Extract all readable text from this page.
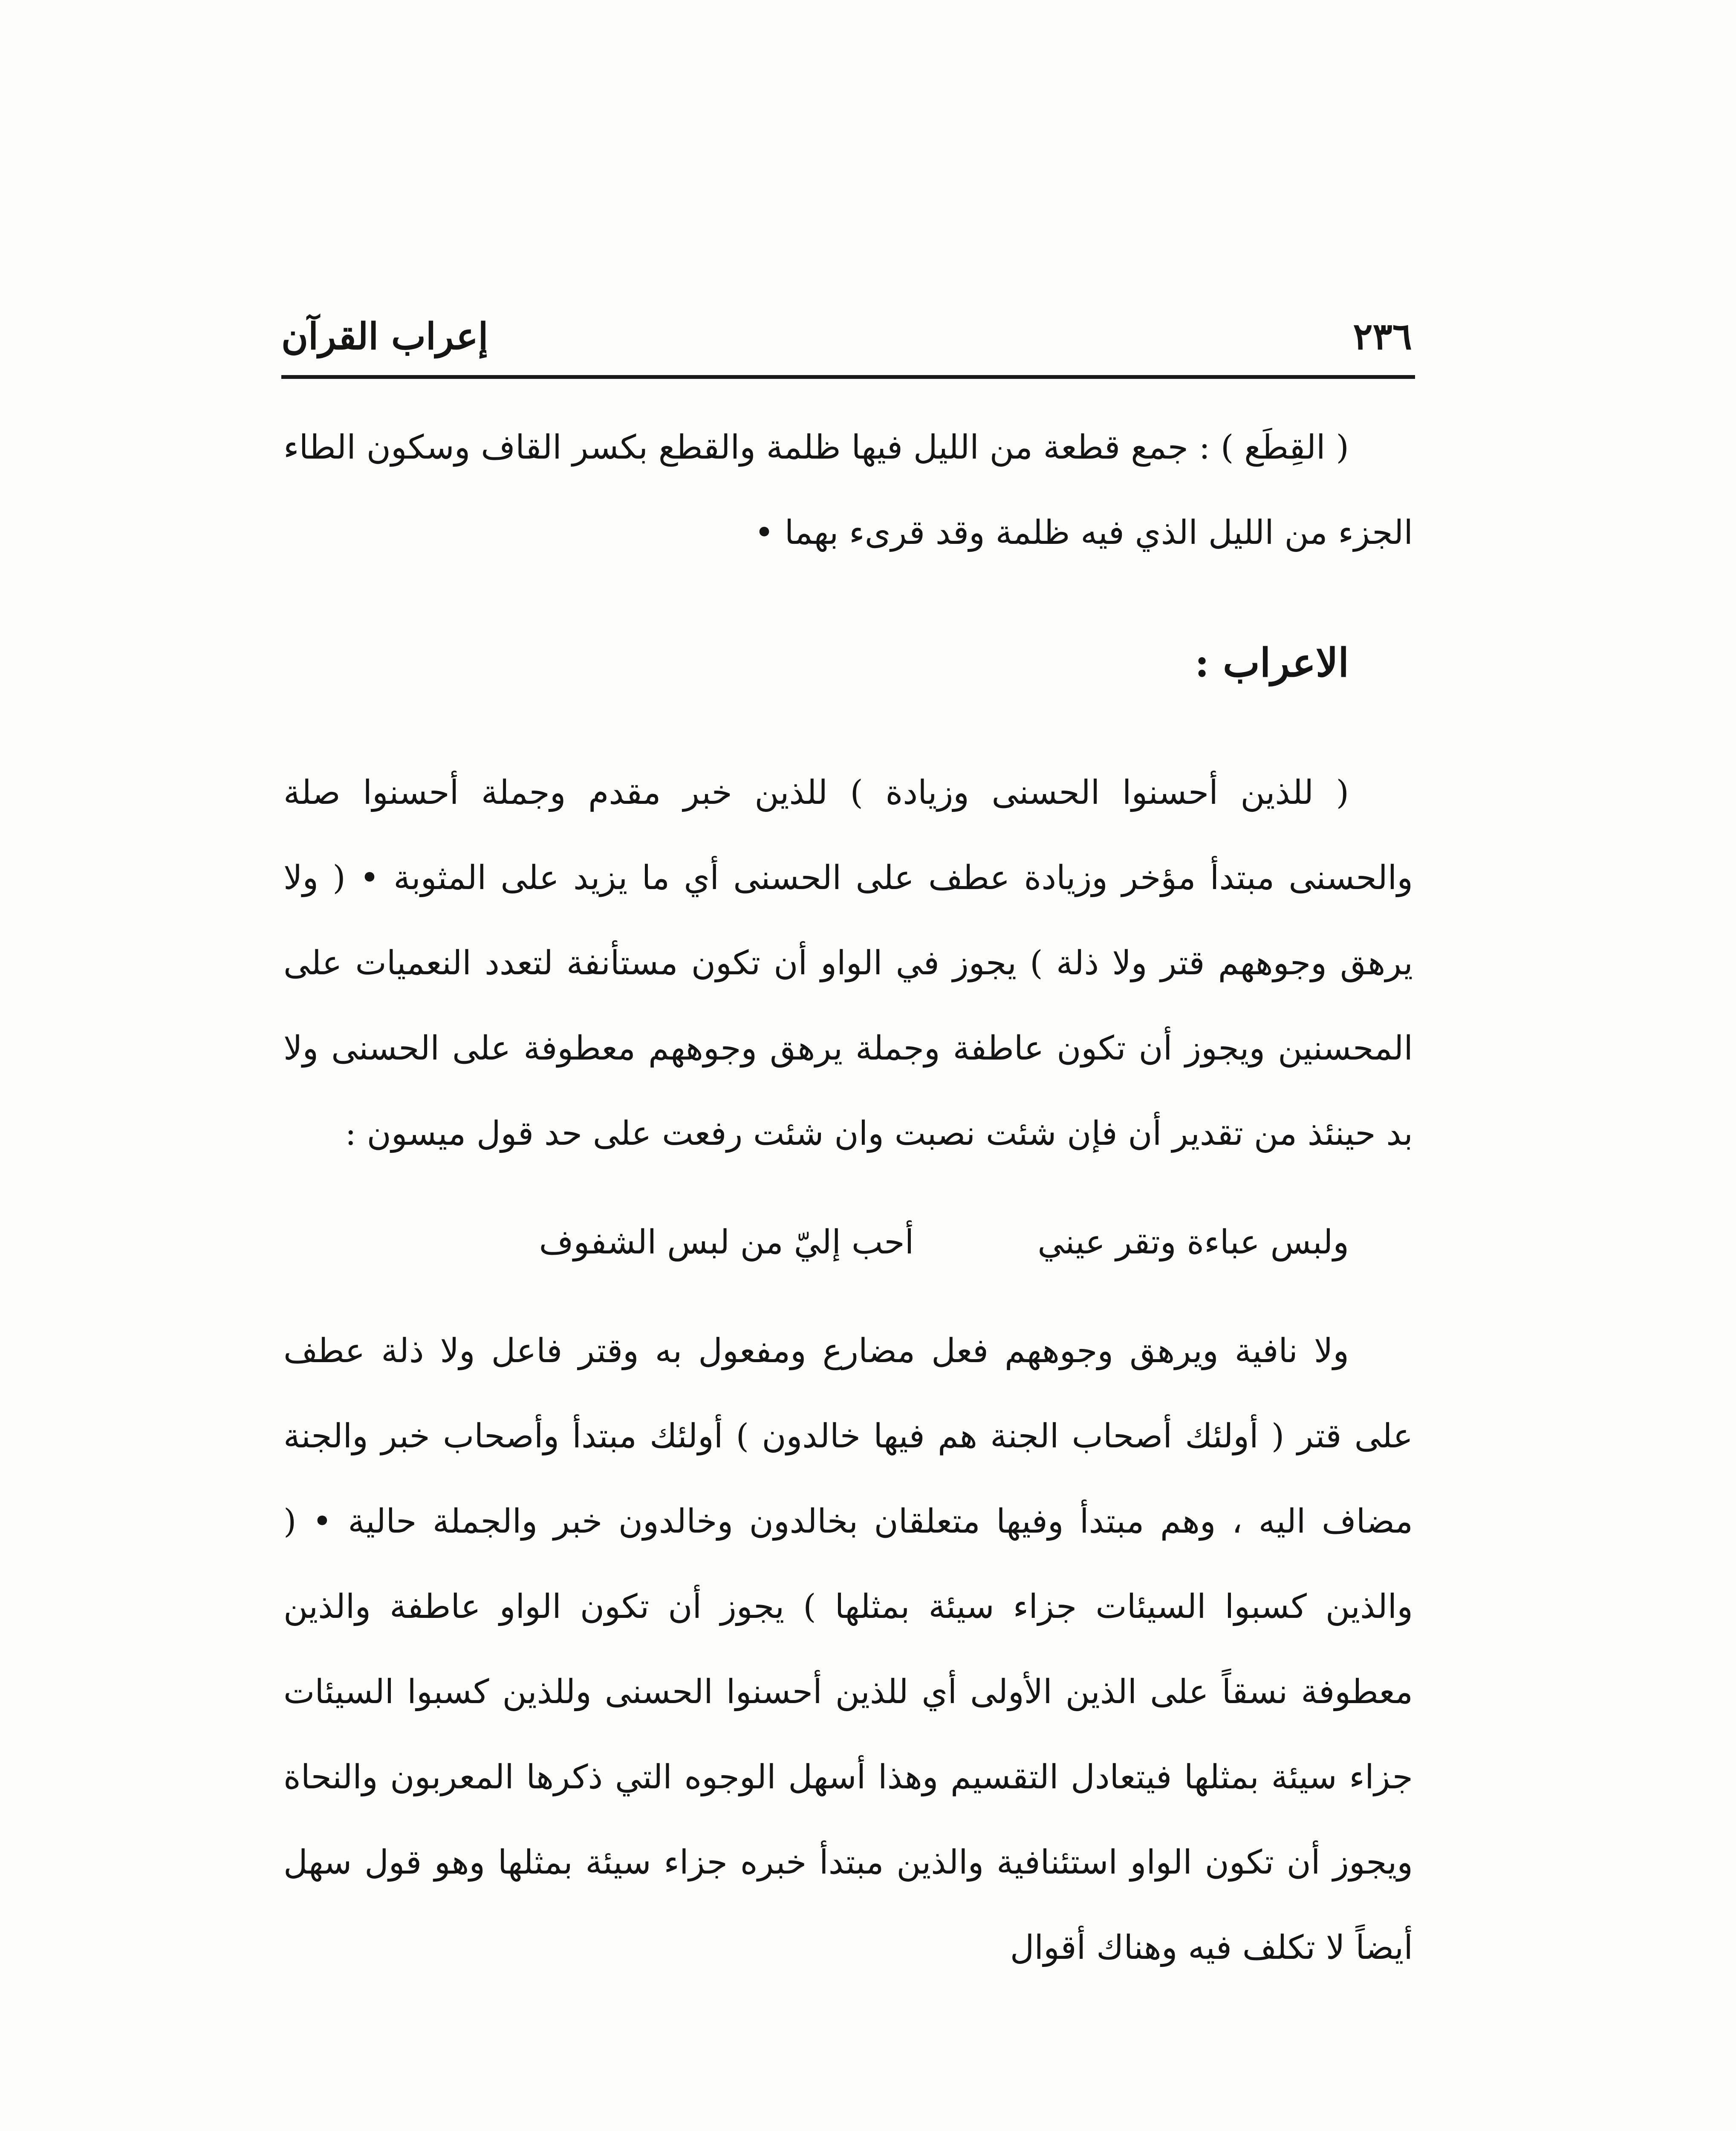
٢٣٦
إعراب القرآن

( القِطَع ) : جمع قطعة من الليل فيها ظلمة والقطع بكسر القاف وسكون الطاء الجزء من الليل الذي فيه ظلمة وقد قرىء بهما •

الاعراب :

( للذين أحسنوا الحسنى وزيادة ) للذين خبر مقدم وجملة أحسنوا صلة والحسنى مبتدأ مؤخر وزيادة عطف على الحسنى أي ما يزيد على المثوبة • ( ولا يرهق وجوههم قتر ولا ذلة ) يجوز في الواو أن تكون مستأنفة لتعدد النعميات على المحسنين ويجوز أن تكون عاطفة وجملة يرهق وجوههم معطوفة على الحسنى ولا بد حينئذ من تقدير أن فإن شئت نصبت وان شئت رفعت على حد قول ميسون :

ولبس عباءة وتقر عيني
أحب إليّ من لبس الشفوف

ولا نافية ويرهق وجوههم فعل مضارع ومفعول به وقتر فاعل ولا ذلة عطف على قتر ( أولئك أصحاب الجنة هم فيها خالدون ) أولئك مبتدأ وأصحاب خبر والجنة مضاف اليه ، وهم مبتدأ وفيها متعلقان بخالدون وخالدون خبر والجملة حالية • ( والذين كسبوا السيئات جزاء سيئة بمثلها ) يجوز أن تكون الواو عاطفة والذين معطوفة نسقاً على الذين الأولى أي للذين أحسنوا الحسنى وللذين كسبوا السيئات جزاء سيئة بمثلها فيتعادل التقسيم وهذا أسهل الوجوه التي ذكرها المعربون والنحاة ويجوز أن تكون الواو استئنافية والذين مبتدأ خبره جزاء سيئة بمثلها وهو قول سهل أيضاً لا تكلف فيه وهناك أقوال
